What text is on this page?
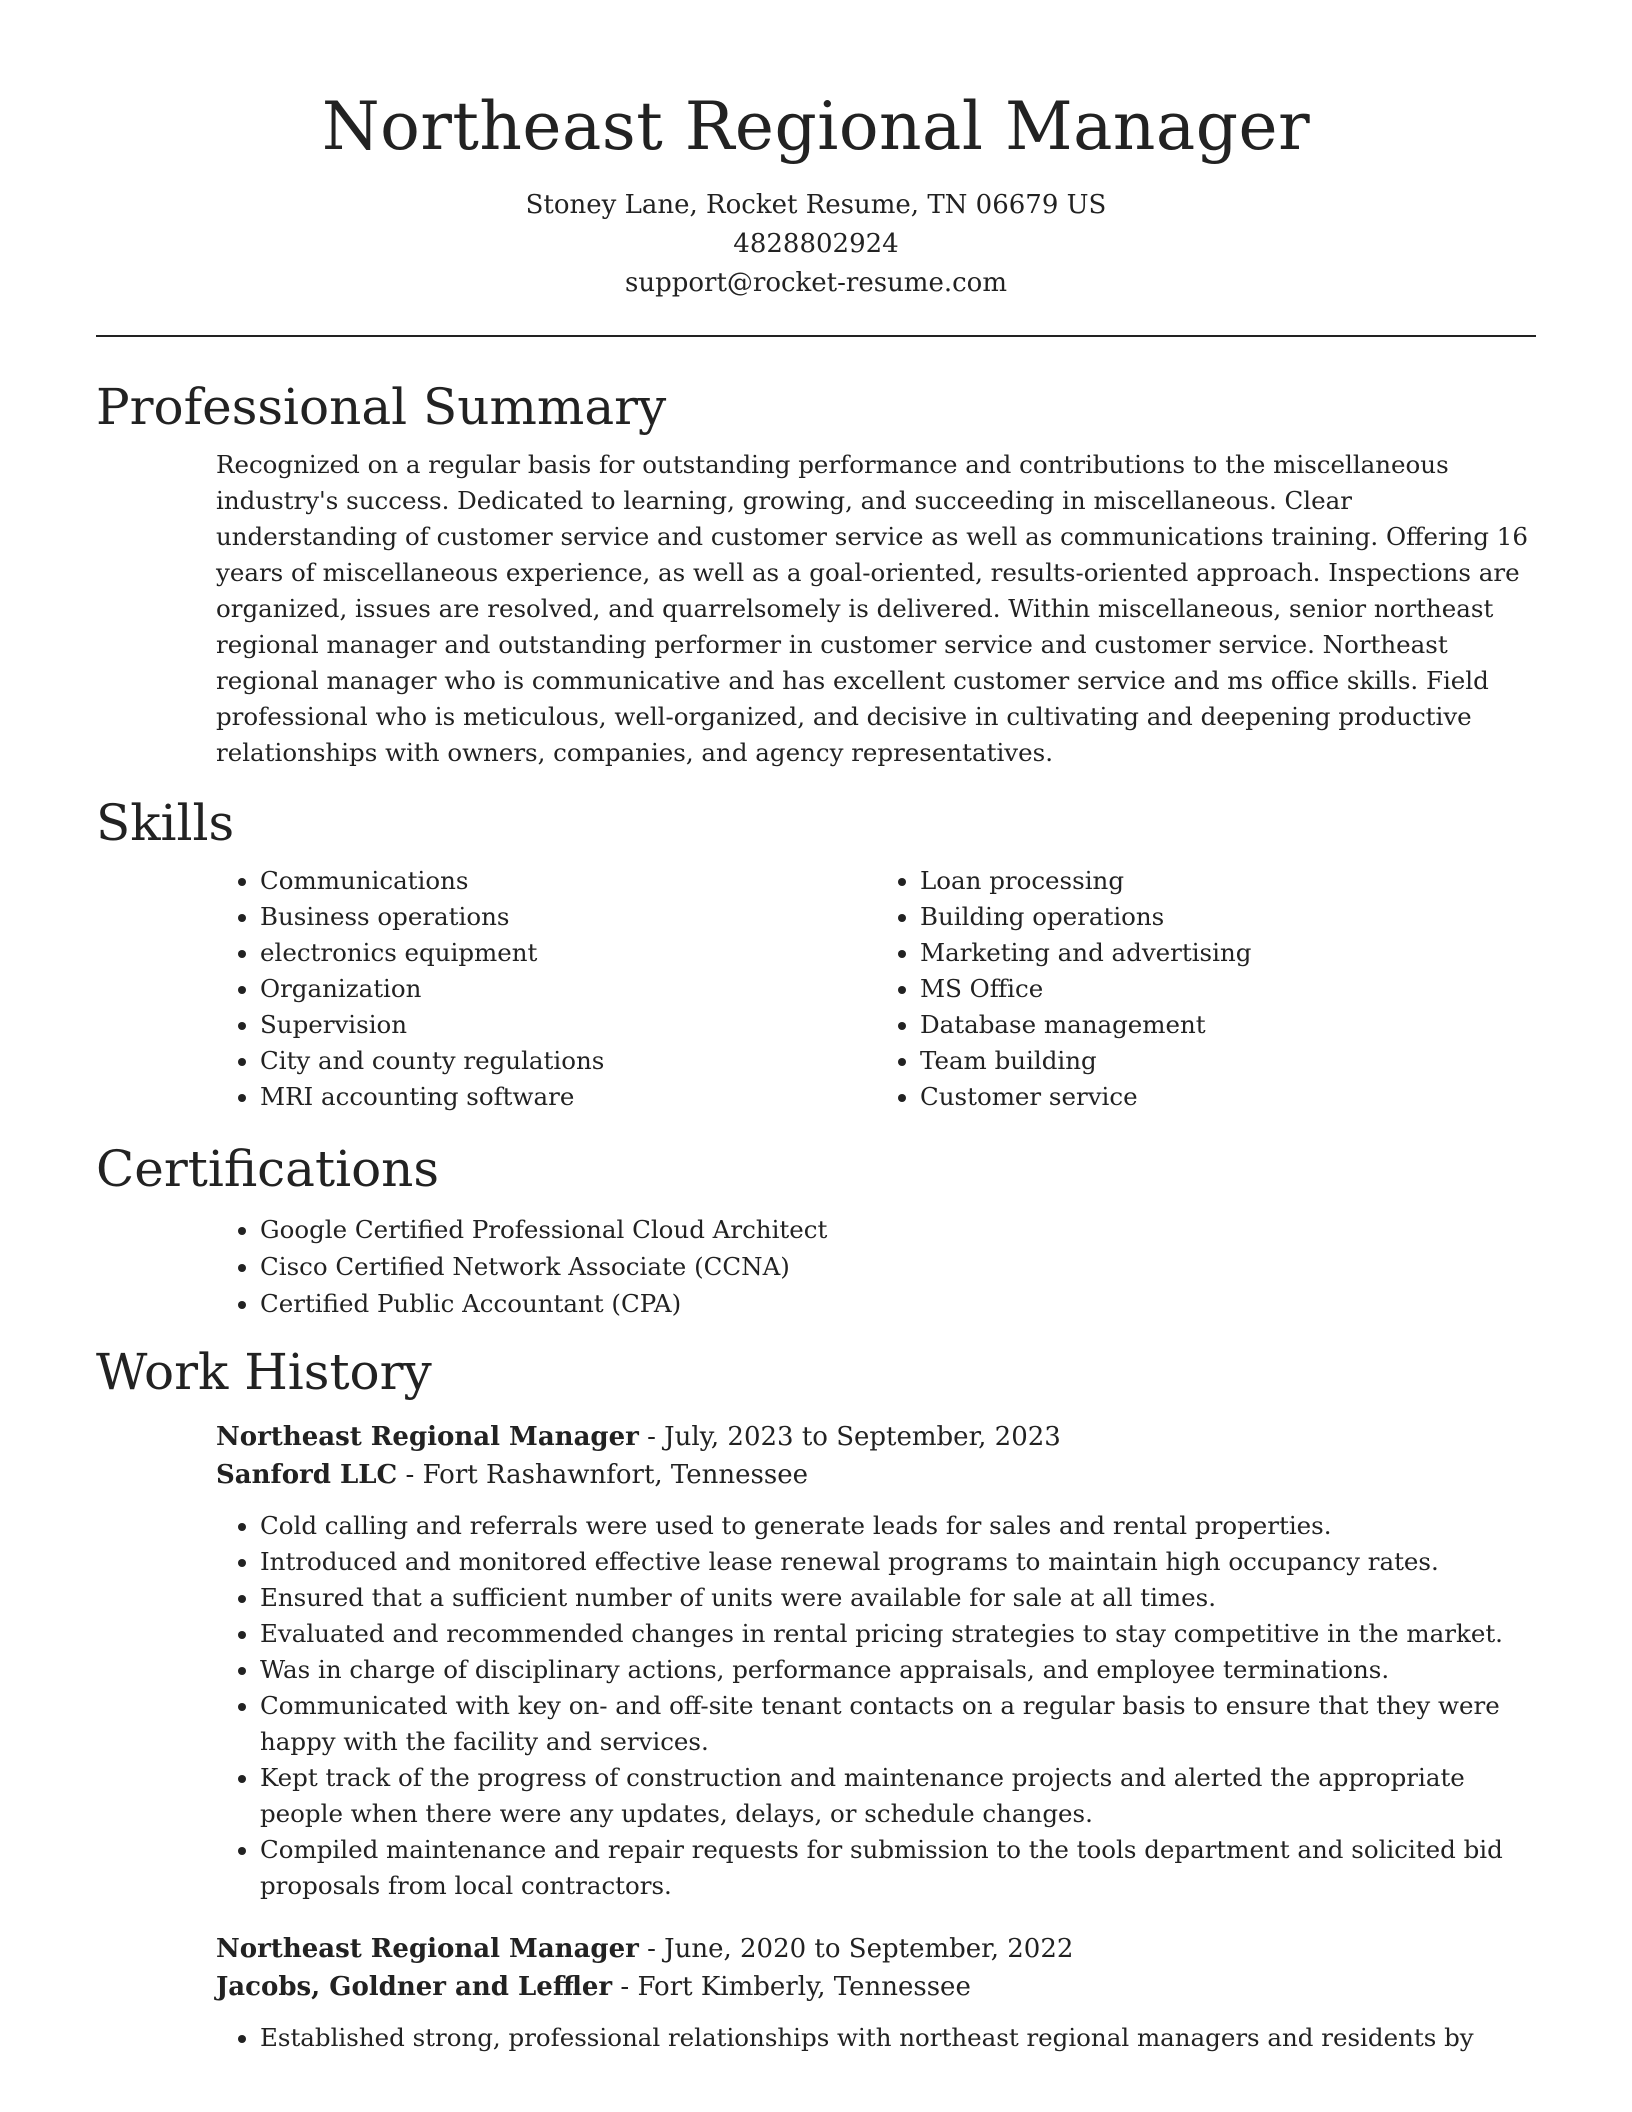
Northeast Regional Manager
Stoney Lane, Rocket Resume, TN 06679 US
4828802924
support@rocket-resume.com
Professional Summary

Recognized on a regular basis for outstanding performance and contributions to the miscellaneous industry's success. Dedicated to learning, growing, and succeeding in miscellaneous. Clear understanding of customer service and customer service as well as communications training. Offering 16 years of miscellaneous experience, as well as a goal-oriented, results-oriented approach. Inspections are organized, issues are resolved, and quarrelsomely is delivered. Within miscellaneous, senior northeast regional manager and outstanding performer in customer service and customer service. Northeast regional manager who is communicative and has excellent customer service and ms office skills. Field professional who is meticulous, well-organized, and decisive in cultivating and deepening productive relationships with owners, companies, and agency representatives.

Skills
• Communications
• Business operations
• electronics equipment
• Organization
• Supervision
• City and county regulations
• MRI accounting software
• Loan processing
• Building operations
• Marketing and advertising
• MS Office
• Database management
• Team building
• Customer service
Certifications
• Google Certified Professional Cloud Architect
• Cisco Certified Network Associate (CCNA)
• Certified Public Accountant (CPA)
Work History
Northeast Regional Manager - July, 2023 to September, 2023
Sanford LLC - Fort Rashawnfort, Tennessee
• Cold calling and referrals were used to generate leads for sales and rental properties.
• Introduced and monitored effective lease renewal programs to maintain high occupancy rates.
• Ensured that a sufficient number of units were available for sale at all times.
• Evaluated and recommended changes in rental pricing strategies to stay competitive in the market.
• Was in charge of disciplinary actions, performance appraisals, and employee terminations.
• Communicated with key on- and off-site tenant contacts on a regular basis to ensure that they were happy with the facility and services.
• Kept track of the progress of construction and maintenance projects and alerted the appropriate people when there were any updates, delays, or schedule changes.
• Compiled maintenance and repair requests for submission to the tools department and solicited bid proposals from local contractors.
Northeast Regional Manager - June, 2020 to September, 2022
Jacobs, Goldner and Leffler - Fort Kimberly, Tennessee
• Established strong, professional relationships with northeast regional managers and residents by
